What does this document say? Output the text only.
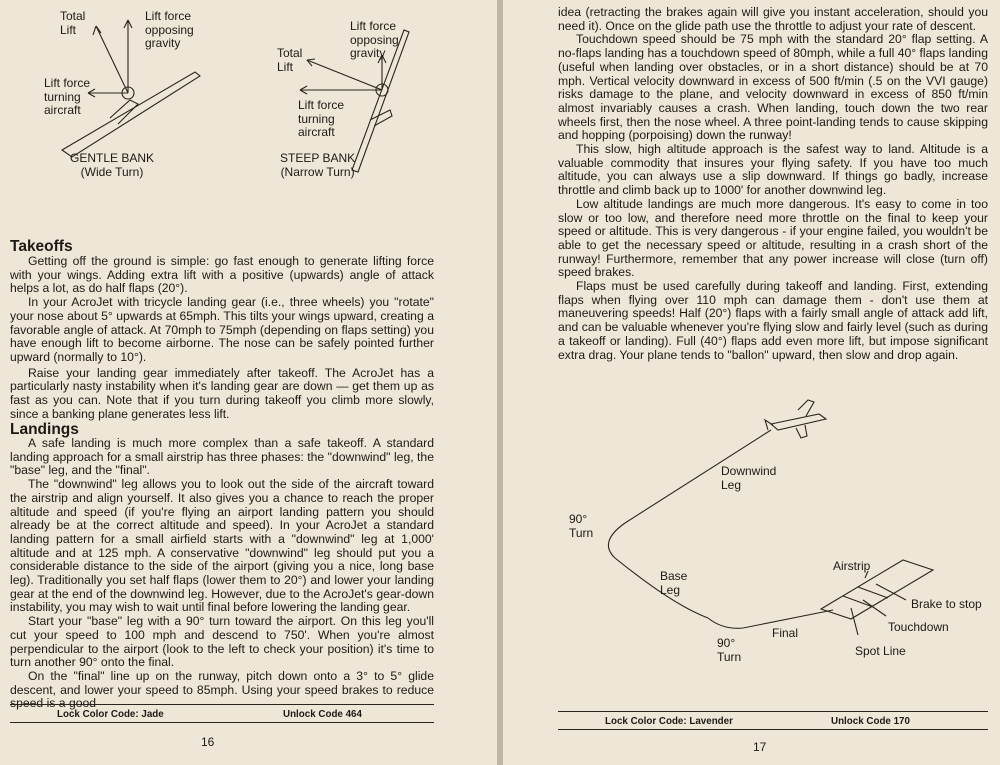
Total
Lift
Lift force
opposing
gravity
Lift force
turning
aircraft
GENTLE BANK
(Wide Turn)
Lift force
opposing
gravity
Total
Lift
Lift force
turning
aircraft
STEEP BANK
(Narrow Turn)
Takeoffs

Getting off the ground is simple: go fast enough to generate lifting force with your wings. Adding extra lift with a positive (upwards) angle of attack helps a lot, as do half flaps (20°).

In your AcroJet with tricycle landing gear (i.e., three wheels) you "rotate" your nose about 5° upwards at 65mph. This tilts your wings upward, creating a favorable angle of attack. At 70mph to 75mph (depending on flaps setting) you have enough lift to become airborne. The nose can be safely pointed further upward (normally to 10°).

Raise your landing gear immediately after takeoff. The AcroJet has a particularly nasty instability when it's landing gear are down — get them up as fast as you can. Note that if you turn during takeoff you climb more slowly, since a banking plane generates less lift.

Landings

A safe landing is much more complex than a safe takeoff. A standard landing approach for a small airstrip has three phases: the "downwind" leg, the "base" leg, and the "final".

The "downwind" leg allows you to look out the side of the aircraft toward the airstrip and align yourself. It also gives you a chance to reach the proper altitude and speed (if you're flying an airport landing pattern you should already be at the correct altitude and speed). In your AcroJet a standard landing pattern for a small airfield starts with a "downwind" leg at 1,000' altitude and at 125 mph. A conservative "downwind" leg should put you a considerable distance to the side of the airport (giving you a nice, long base leg). Traditionally you set half flaps (lower them to 20°) and lower your landing gear at the end of the downwind leg. However, due to the AcroJet's gear-down instability, you may wish to wait until final before lowering the landing gear.

Start your "base" leg with a 90° turn toward the airport. On this leg you'll cut your speed to 100 mph and descend to 750'. When you're almost perpendicular to the airport (look to the left to check your position) it's time to turn another 90° onto the final.

On the "final" line up on the runway, pitch down onto a 3° to 5° glide descent, and lower your speed to 85mph. Using your speed brakes to reduce speed is a good

Lock Color Code: Jade	Unlock Code 464
16

idea (retracting the brakes again will give you instant acceleration, should you need it). Once on the glide path use the throttle to adjust your rate of descent.

Touchdown speed should be 75 mph with the standard 20° flap setting. A no-flaps landing has a touchdown speed of 80mph, while a full 40° flaps landing (useful when landing over obstacles, or in a short distance) should be at 70 mph. Vertical velocity downward in excess of 500 ft/min (.5 on the VVI gauge) risks damage to the plane, and velocity downward in excess of 850 ft/min almost invariably causes a crash. When landing, touch down the two rear wheels first, then the nose wheel. A three point-landing tends to cause skipping and hopping (porpoising) down the runway!

This slow, high altitude approach is the safest way to land. Altitude is a valuable commodity that insures your flying safety. If you have too much altitude, you can always use a slip downward. If things go badly, increase throttle and climb back up to 1000' for another downwind leg.

Low altitude landings are much more dangerous. It's easy to come in too slow or too low, and therefore need more throttle on the final to keep your speed or altitude. This is very dangerous - if your engine failed, you wouldn't be able to get the necessary speed or altitude, resulting in a crash short of the runway! Furthermore, remember that any power increase will close (turn off) speed brakes.

Flaps must be used carefully during takeoff and landing. First, extending flaps when flying over 110 mph can damage them - don't use them at maneuvering speeds! Half (20°) flaps with a fairly small angle of attack add lift, and can be valuable whenever you're flying slow and fairly level (such as during a takeoff or landing). Full (40°) flaps add even more lift, but impose significant extra drag. Your plane tends to "ballon" upward, then slow and drop again.

Downwind
Leg
90°
Turn
Base
Leg
90°
Turn
Final
Airstrip
Brake to stop
Touchdown
Spot Line
Lock Color Code: Lavender	Unlock Code 170
17
